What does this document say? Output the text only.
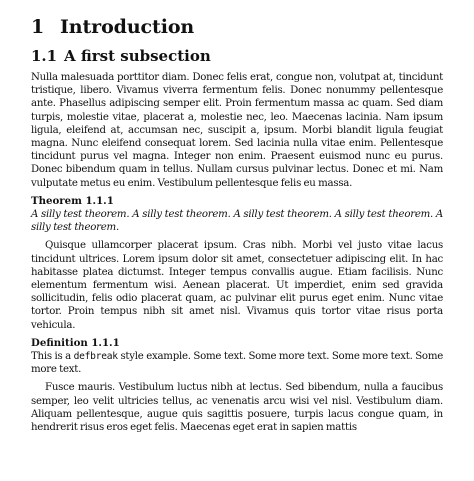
1 Introduction
1.1 A first subsection

Nulla malesuada porttitor diam. Donec felis erat, congue non, volutpat at, tincidunt tristique, libero. Vivamus viverra fermentum felis. Donec nonummy pellentesque ante. Phasellus adipiscing semper elit. Proin fermentum massa ac quam. Sed diam turpis, molestie vitae, placerat a, molestie nec, leo. Maecenas lacinia. Nam ipsum ligula, eleifend at, accumsan nec, suscipit a, ipsum. Morbi blandit ligula feugiat magna. Nunc eleifend consequat lorem. Sed lacinia nulla vitae enim. Pellentesque tincidunt purus vel magna. Integer non enim. Praesent euismod nunc eu purus. Donec bibendum quam in tellus. Nullam cursus pulvinar lectus. Donec et mi. Nam vulputate metus eu enim. Vestibulum pellentesque felis eu massa.

Theorem 1.1.1

A silly test theorem. A silly test theorem. A silly test theorem. A silly test theorem. A silly test theorem.

Quisque ullamcorper placerat ipsum. Cras nibh. Morbi vel justo vitae lacus tincidunt ultrices. Lorem ipsum dolor sit amet, consectetuer adipiscing elit. In hac habitasse platea dictumst. Integer tempus convallis augue. Etiam facilisis. Nunc elementum fermentum wisi. Aenean placerat. Ut imperdiet, enim sed gravida sollicitudin, felis odio placerat quam, ac pulvinar elit purus eget enim. Nunc vitae tortor. Proin tempus nibh sit amet nisl. Vivamus quis tortor vitae risus porta vehicula.

Definition 1.1.1

This is a defbreak style example. Some text. Some more text. Some more text. Some more text.

Fusce mauris. Vestibulum luctus nibh at lectus. Sed bibendum, nulla a faucibus semper, leo velit ultricies tellus, ac venenatis arcu wisi vel nisl. Vestibulum diam. Aliquam pellentesque, augue quis sagittis posuere, turpis lacus congue quam, in hendrerit risus eros eget felis. Maecenas eget erat in sapien mattis
